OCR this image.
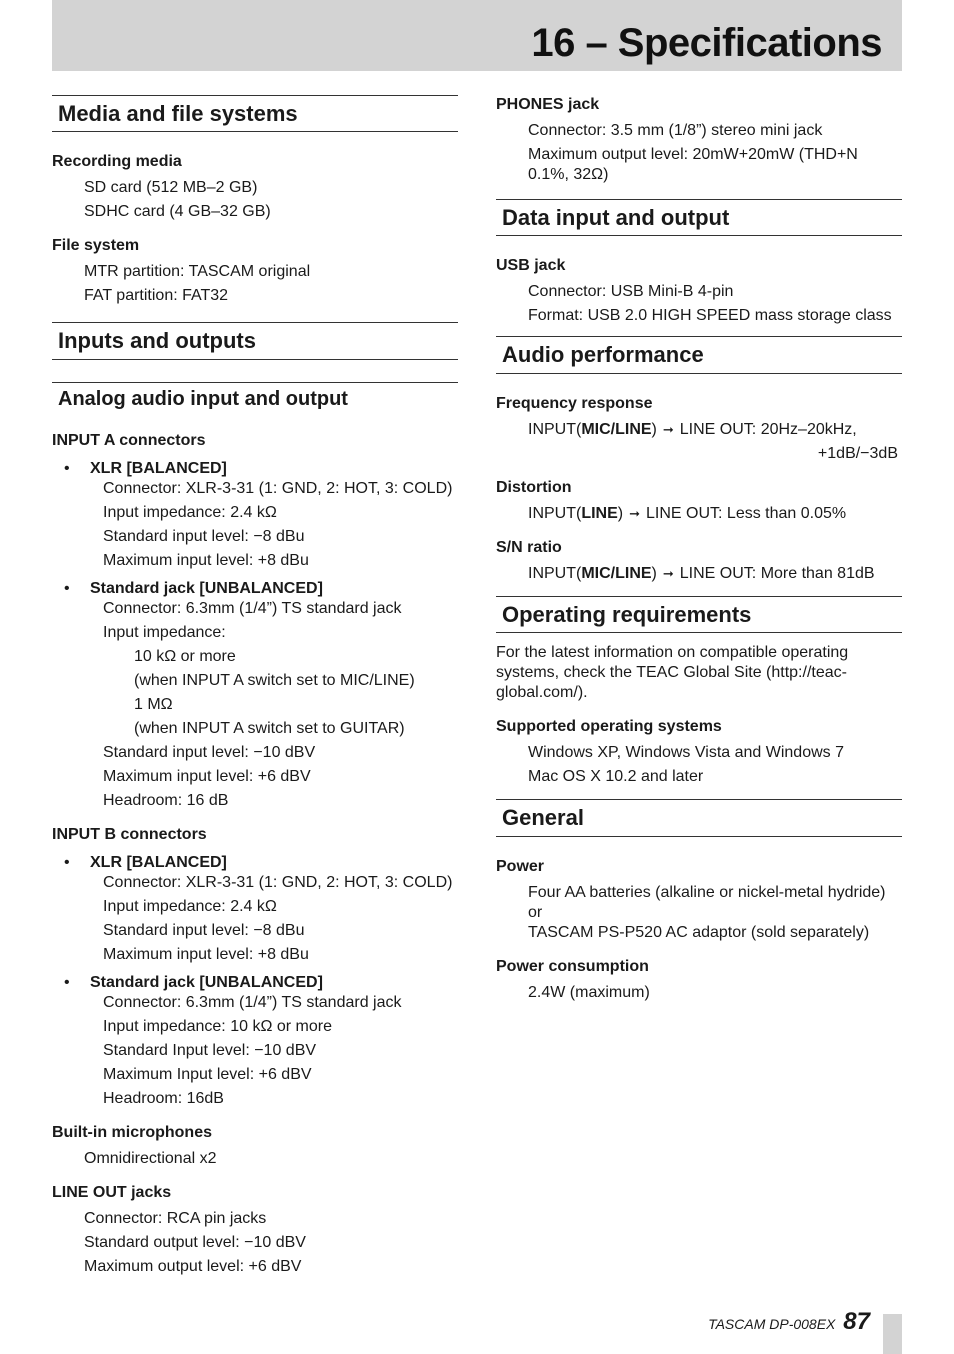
16 – Specifications
Media and file systems
Recording media
SD card (512 MB–2 GB)
SDHC card (4 GB–32 GB)
File system
MTR partition: TASCAM original
FAT partition: FAT32
Inputs and outputs
Analog audio input and output
INPUT A connectors
• XLR [BALANCED]
Connector: XLR-3-31 (1: GND, 2: HOT, 3: COLD)
Input impedance: 2.4 kΩ
Standard input level: −8 dBu
Maximum input level: +8 dBu
• Standard jack [UNBALANCED]
Connector: 6.3mm (1/4”) TS standard jack
Input impedance:
10 kΩ or more
(when INPUT A switch set to MIC/LINE)
1 MΩ
(when INPUT A switch set to GUITAR)
Standard input level: −10 dBV
Maximum input level: +6 dBV
Headroom: 16 dB
INPUT B connectors
• XLR [BALANCED]
Connector: XLR-3-31 (1: GND, 2: HOT, 3: COLD)
Input impedance: 2.4 kΩ
Standard input level: −8 dBu
Maximum input level: +8 dBu
• Standard jack [UNBALANCED]
Connector: 6.3mm (1/4”) TS standard jack
Input impedance: 10 kΩ or more
Standard Input level: −10 dBV
Maximum Input level: +6 dBV
Headroom: 16dB
Built-in microphones
Omnidirectional x2
LINE OUT jacks
Connector: RCA pin jacks
Standard output level: −10 dBV
Maximum output level: +6 dBV
PHONES jack
Connector: 3.5 mm (1/8”) stereo mini jack
Maximum output level: 20mW+20mW (THD+N 0.1%, 32Ω)
Data input and output
USB jack
Connector: USB Mini-B 4-pin
Format: USB 2.0 HIGH SPEED mass storage class
Audio performance
Frequency response
INPUT(MIC/LINE) ➞ LINE OUT: 20Hz–20kHz,
+1dB/−3dB
Distortion
INPUT(LINE) ➞ LINE OUT: Less than 0.05%
S/N ratio
INPUT(MIC/LINE) ➞ LINE OUT: More than 81dB
Operating requirements
For the latest information on compatible operating systems, check the TEAC Global Site (http://teac-global.com/).
Supported operating systems
Windows XP, Windows Vista and Windows 7
Mac OS X 10.2 and later
General
Power
Four AA batteries (alkaline or nickel-metal hydride) or
TASCAM PS-P520 AC adaptor (sold separately)
Power consumption
2.4W (maximum)
TASCAM DP-008EX 87
